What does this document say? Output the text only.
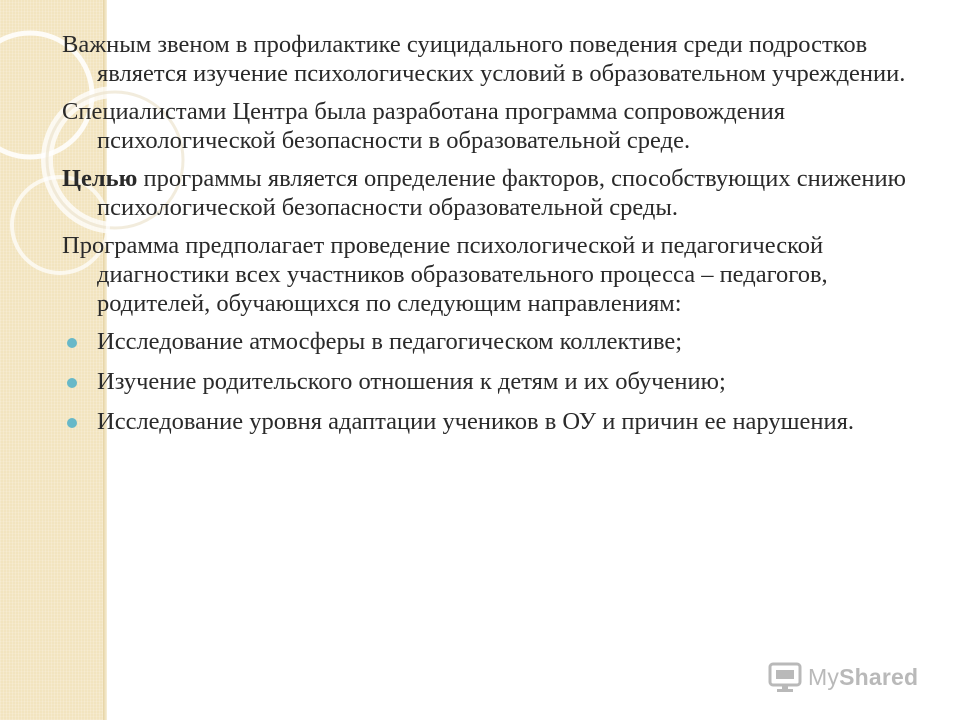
Важным звеном в профилактике суицидального поведения среди подростков является изучение психологических условий в образовательном учреждении.

Специалистами Центра была разработана программа сопровождения психологической безопасности в образовательной среде.

Целью программы является определение факторов, способствующих снижению психологической безопасности образовательной среды.

Программа предполагает проведение психологической и педагогической диагностики всех участников образовательного процесса – педагогов, родителей, обучающихся по следующим направлениям:

Исследование атмосферы в педагогическом коллективе;
Изучение родительского отношения к детям и их обучению;
Исследование уровня адаптации учеников в ОУ и причин ее нарушения.
My Shared
